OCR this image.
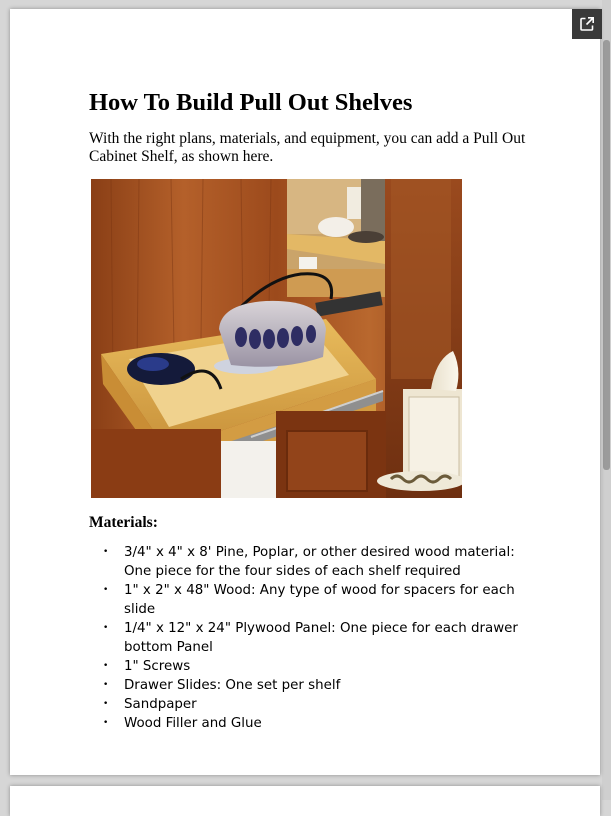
How To Build Pull Out Shelves
With the right plans, materials, and equipment, you can add a Pull Out Cabinet Shelf, as shown here.
Materials:
• 3/4" x 4" x 8' Pine, Poplar, or other desired wood material: One piece for the four sides of each shelf required
• 1" x 2" x 48" Wood: Any type of wood for spacers for each slide
• 1/4" x 12" x 24" Plywood Panel: One piece for each drawer bottom Panel
• 1" Screws
• Drawer Slides: One set per shelf
• Sandpaper
• Wood Filler and Glue
